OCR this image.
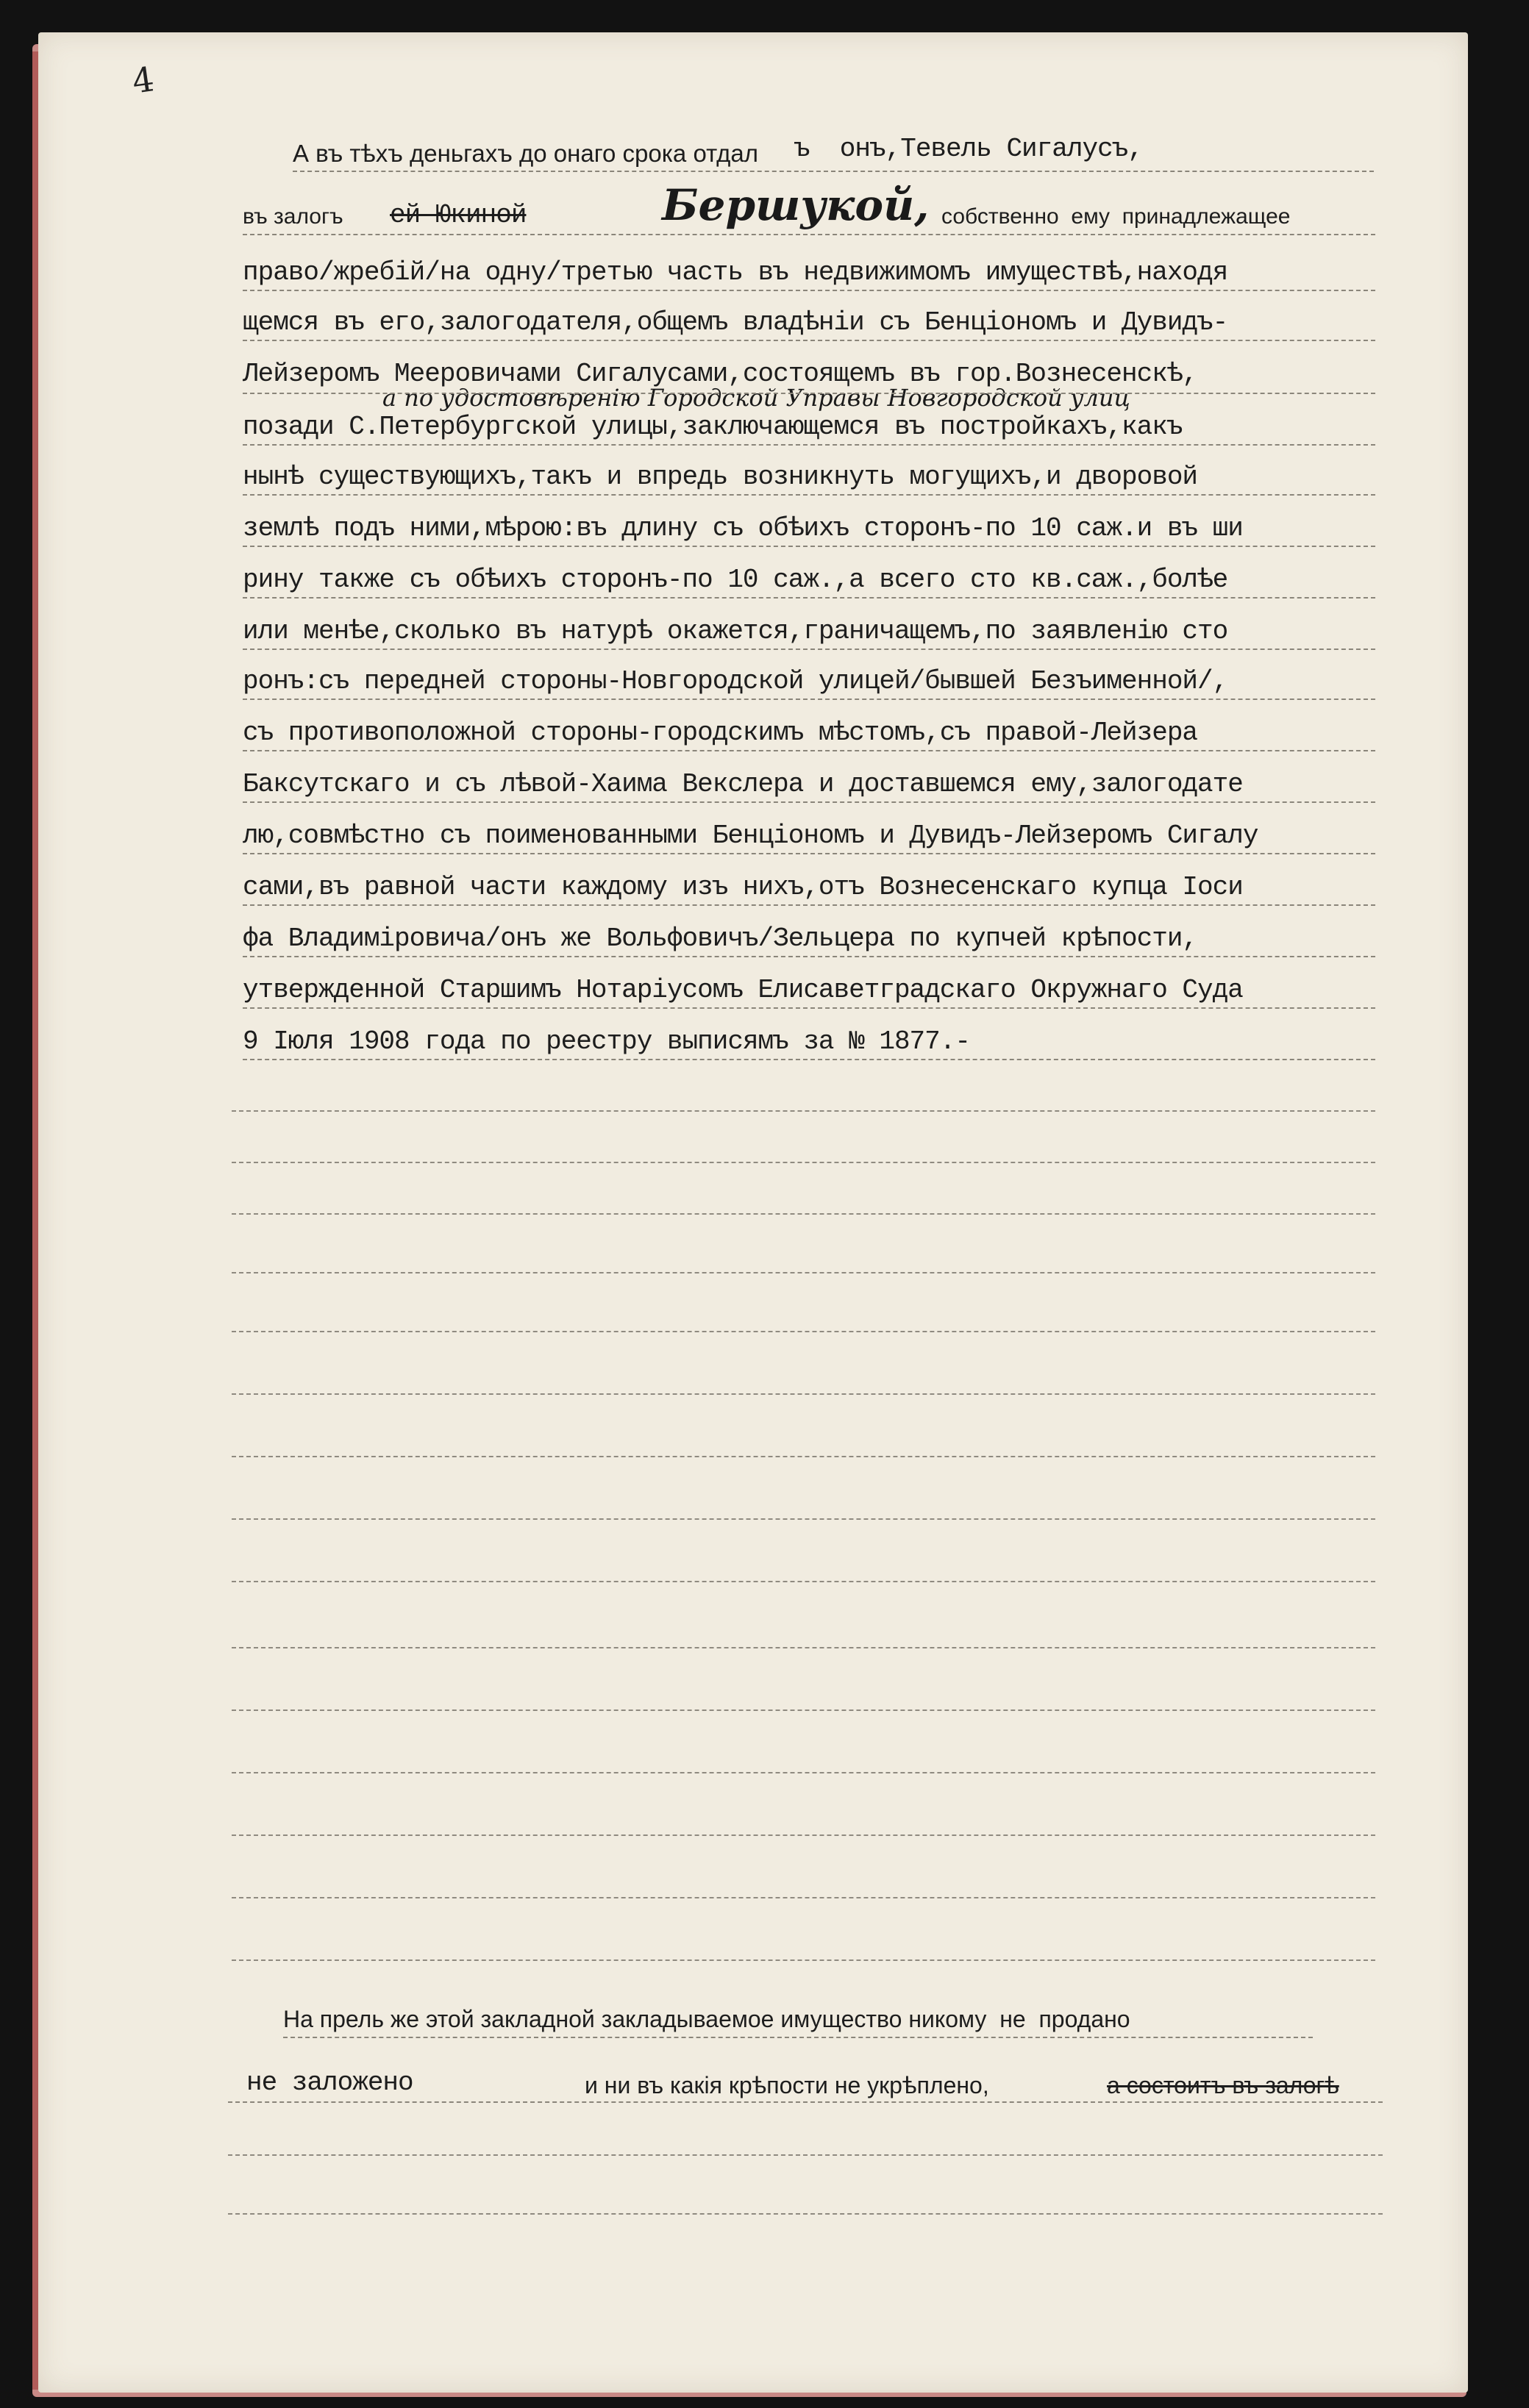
4
А въ тѣхъ деньгахъ до онаго срока отдал ъ  онъ,Тевель Сигалусъ,
въ залогъ ей Юкиной	Бершукой, собственно  ему  принадлежащее
право/жребій/на одну/третью часть въ недвижимомъ имуществѣ,находя
щемся въ его,залогодателя,общемъ владѣніи съ Бенціономъ и Дувидъ-
Лейзеромъ Мееровичами Сигалусами,состоящемъ въ гор.Вознесенскѣ,
а по удостовѣренію Городской Управы Новгородской улиц
позади С.Петербургской улицы,заключающемся въ постройкахъ,какъ
нынѣ существующихъ,такъ и впредь возникнуть могущихъ,и дворовой
землѣ подъ ними,мѣрою:въ длину съ обѣихъ сторонъ-по 10 саж.и въ ши
рину также съ обѣихъ сторонъ-по 10 саж.,а всего сто кв.саж.,болѣе
или менѣе,сколько въ натурѣ окажется,граничащемъ,по заявленію сто
ронъ:съ передней стороны-Новгородской улицей/бывшей Безъименной/,
съ противоположной стороны-городскимъ мѣстомъ,съ правой-Лейзера
Баксутскаго и съ лѣвой-Хаима Векслера и доставшемся ему,залогодате
лю,совмѣстно съ поименованными Бенціономъ и Дувидъ-Лейзеромъ Сигалу
сами,въ равной части каждому изъ нихъ,отъ Вознесенскаго купца Іоси
фа Владиміровича/онъ же Вольфовичъ/Зельцера по купчей крѣпости,
утвержденной Старшимъ Нотаріусомъ Елисаветградскаго Окружнаго Суда
9 Іюля 1908 года по реестру выписямъ за № 1877.-
На прель же этой закладной закладываемое имущество никому  не  продано
не заложено	и ни въ какія крѣпости не укрѣплено,	а состоитъ въ залогѣ
